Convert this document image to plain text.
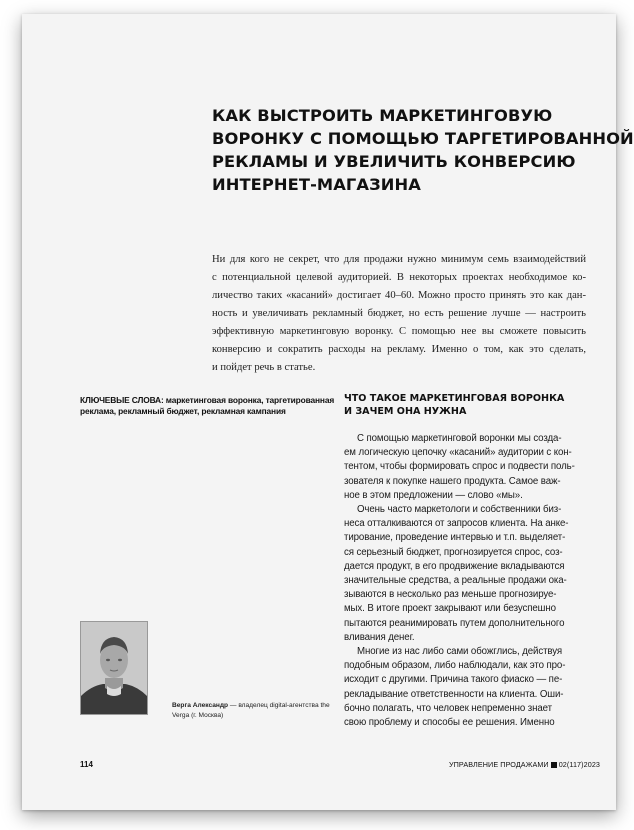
КАК ВЫСТРОИТЬ МАРКЕТИНГОВУЮ
ВОРОНКУ С ПОМОЩЬЮ ТАРГЕТИРОВАННОЙ
РЕКЛАМЫ И УВЕЛИЧИТЬ КОНВЕРСИЮ
ИНТЕРНЕТ-МАГАЗИНА
Ни для кого не секрет, что для продажи нужно минимум семь взаимодействий
с потенциальной целевой аудиторией. В некоторых проектах необходимое ко-
личество таких «касаний» достигает 40–60. Можно просто принять это как дан-
ность и увеличивать рекламный бюджет, но есть решение лучше — настроить
эффективную маркетинговую воронку. С помощью нее вы сможете повысить
конверсию и сократить расходы на рекламу. Именно о том, как это сделать,
и пойдет речь в статье.
КЛЮЧЕВЫЕ СЛОВА: маркетинговая воронка, таргетированная
реклама, рекламный бюджет, рекламная кампания
ЧТО ТАКОЕ МАРКЕТИНГОВАЯ ВОРОНКА
И ЗАЧЕМ ОНА НУЖНА
С помощью маркетинговой воронки мы созда-
ем логическую цепочку «касаний» аудитории с кон-
тентом, чтобы формировать спрос и подвести поль-
зователя к покупке нашего продукта. Самое важ-
ное в этом предложении — слово «мы».
Очень часто маркетологи и собственники биз-
неса отталкиваются от запросов клиента. На анке-
тирование, проведение интервью и т.п. выделяет-
ся серьезный бюджет, прогнозируется спрос, соз-
дается продукт, в его продвижение вкладываются
значительные средства, а реальные продажи ока-
зываются в несколько раз меньше прогнозируе-
мых. В итоге проект закрывают или безуспешно
пытаются реанимировать путем дополнительного
вливания денег.
Многие из нас либо сами обожглись, действуя
подобным образом, либо наблюдали, как это про-
исходит с другими. Причина такого фиаско — пе-
рекладывание ответственности на клиента. Оши-
бочно полагать, что человек непременно знает
свою проблему и способы ее решения. Именно
Верга Александр — владелец digital-агентства the
Verga (г. Москва)
114	УПРАВЛЕНИЕ ПРОДАЖАМИ 02(117)2023
